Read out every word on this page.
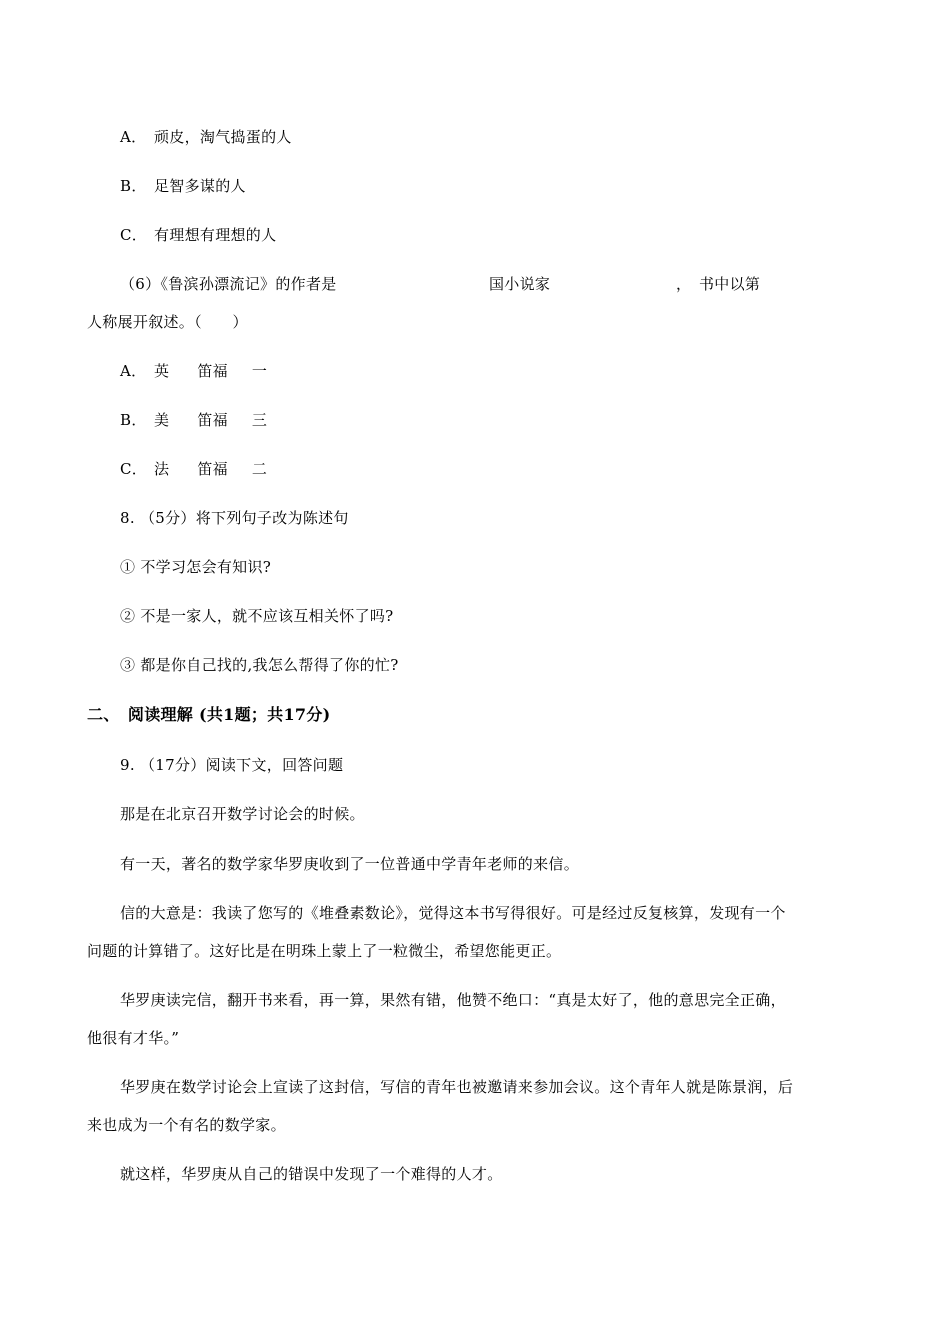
A． 顽皮，淘气捣蛋的人
B． 足智多谋的人
C． 有理想有理想的人
（6）《鲁滨孙漂流记》的作者是	国小说家	， 书中以第
人称展开叙述。（　　）
A． 英 笛福 一
B． 美 笛福 三
C． 法 笛福 二
8. （5分）将下列句子改为陈述句
① 不学习怎会有知识?
② 不是一家人，就不应该互相关怀了吗?
③ 都是你自己找的,我怎么帮得了你的忙?
二、　阅读理解 (共1题；共17分)
9. （17分）阅读下文，回答问题
那是在北京召开数学讨论会的时候。
有一天，著名的数学家华罗庚收到了一位普通中学青年老师的来信。
信的大意是：我读了您写的《堆叠素数论》，觉得这本书写得很好。可是经过反复核算，发现有一个
问题的计算错了。这好比是在明珠上蒙上了一粒微尘，希望您能更正。
华罗庚读完信，翻开书来看，再一算，果然有错，他赞不绝口：“真是太好了，他的意思完全正确，
他很有才华。”
华罗庚在数学讨论会上宣读了这封信，写信的青年也被邀请来参加会议。这个青年人就是陈景润，后
来也成为一个有名的数学家。
就这样，华罗庚从自己的错误中发现了一个难得的人才。
